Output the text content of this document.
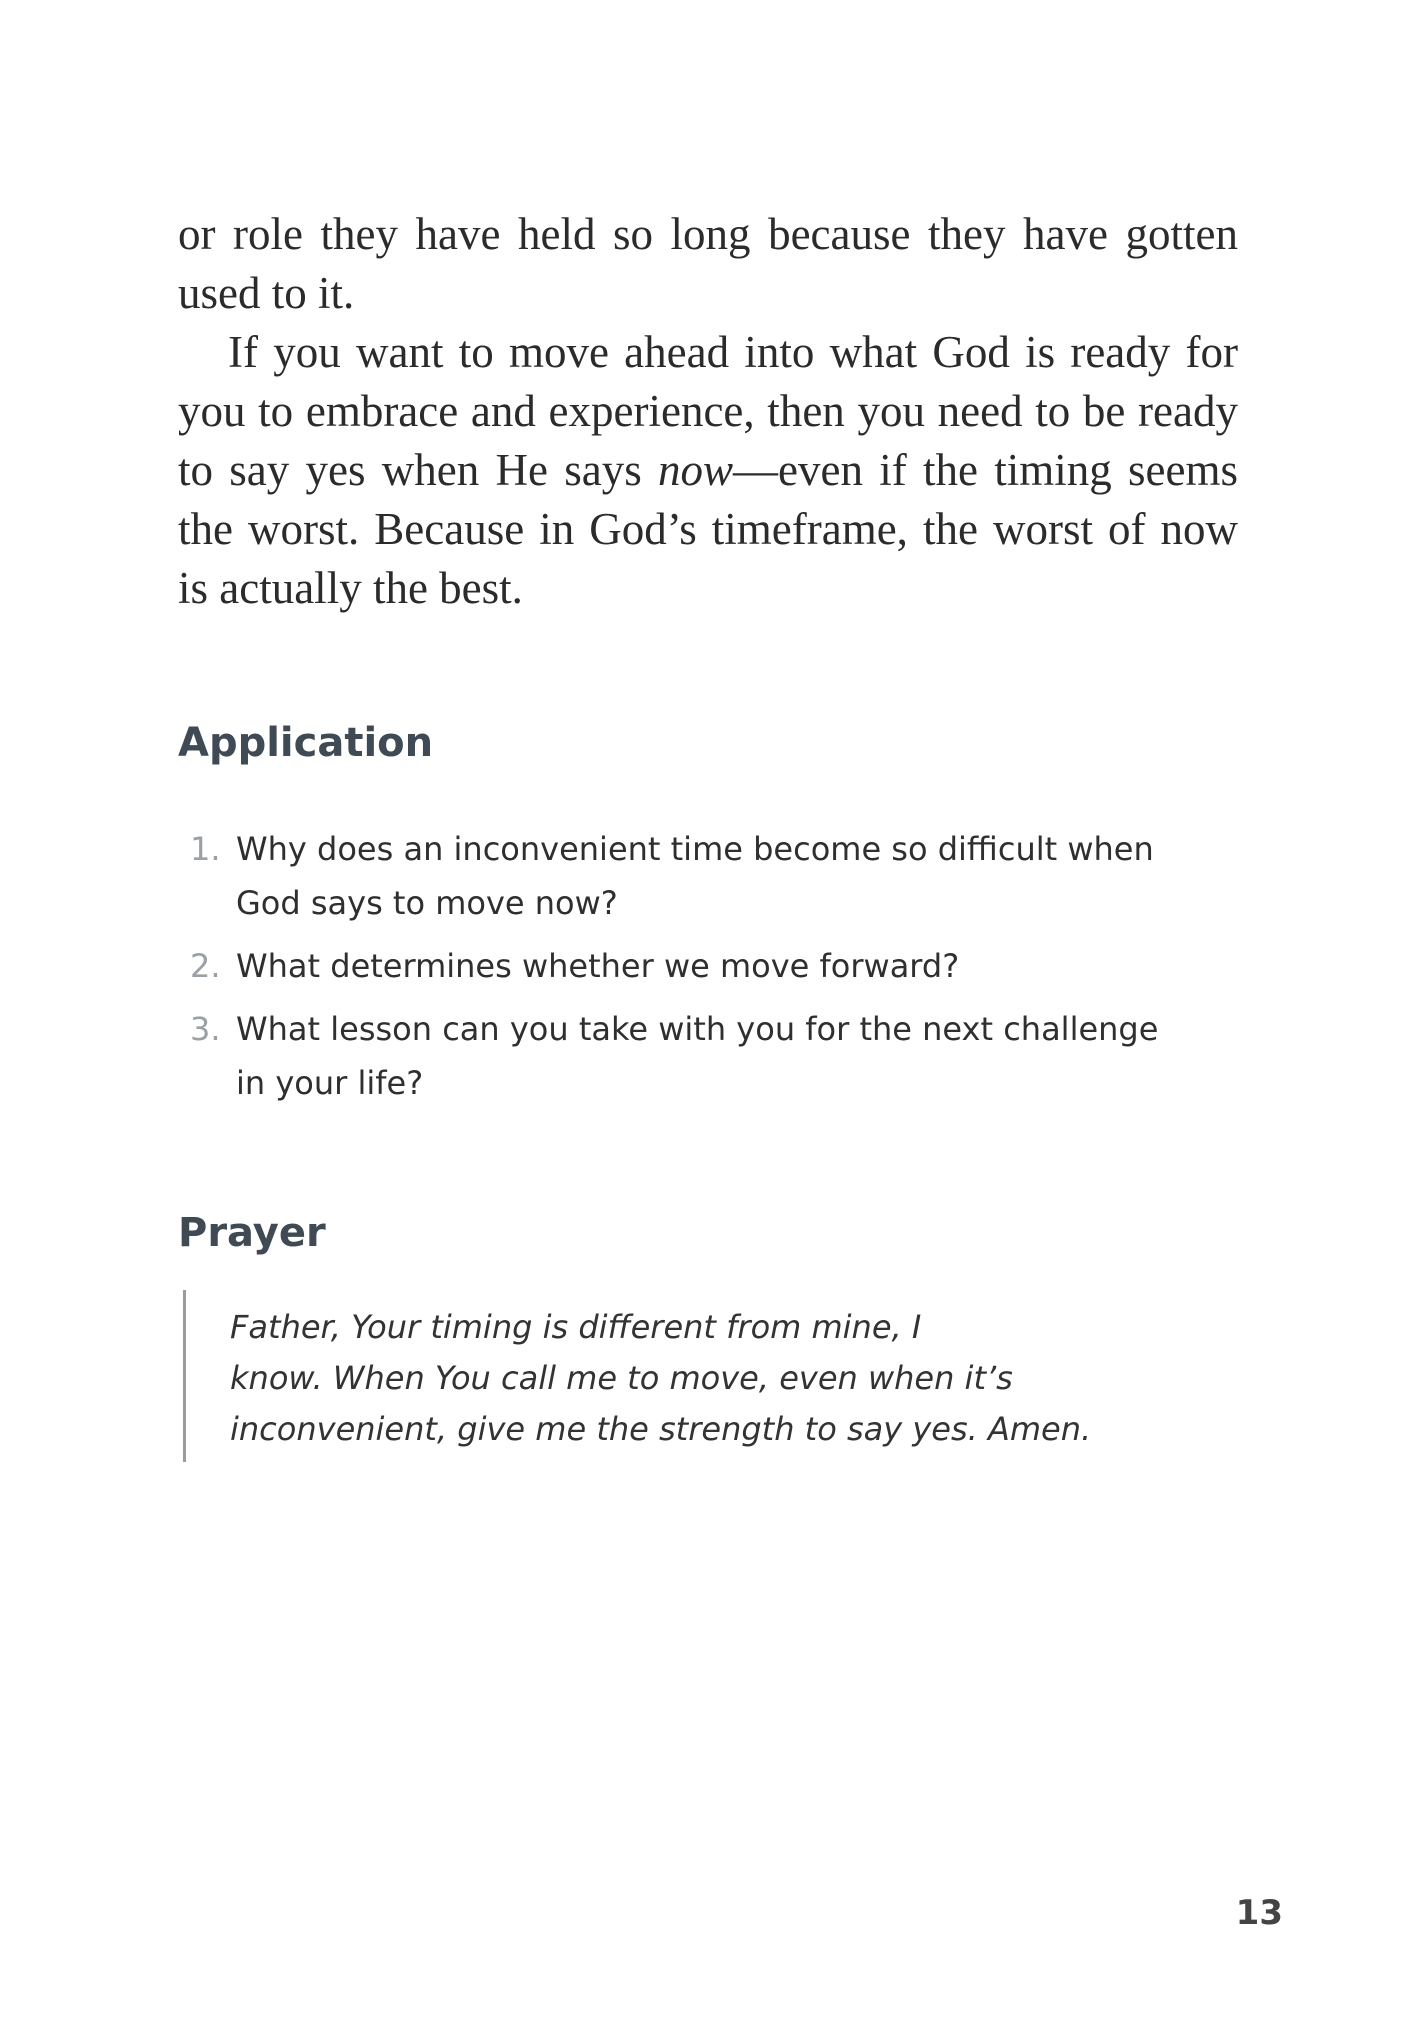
or role they have held so long because they have gotten used to it.

If you want to move ahead into what God is ready for you to embrace and experience, then you need to be ready to say yes when He says now—even if the timing seems the worst. Because in God’s timeframe, the worst of now is actually the best.

Application
1. Why does an inconvenient time become so difficult when God says to move now?
2. What determines whether we move forward?
3. What lesson can you take with you for the next challenge in your life?
Prayer

Father, Your timing is different from mine, I
know. When You call me to move, even when it’s
inconvenient, give me the strength to say yes. Amen.

13
